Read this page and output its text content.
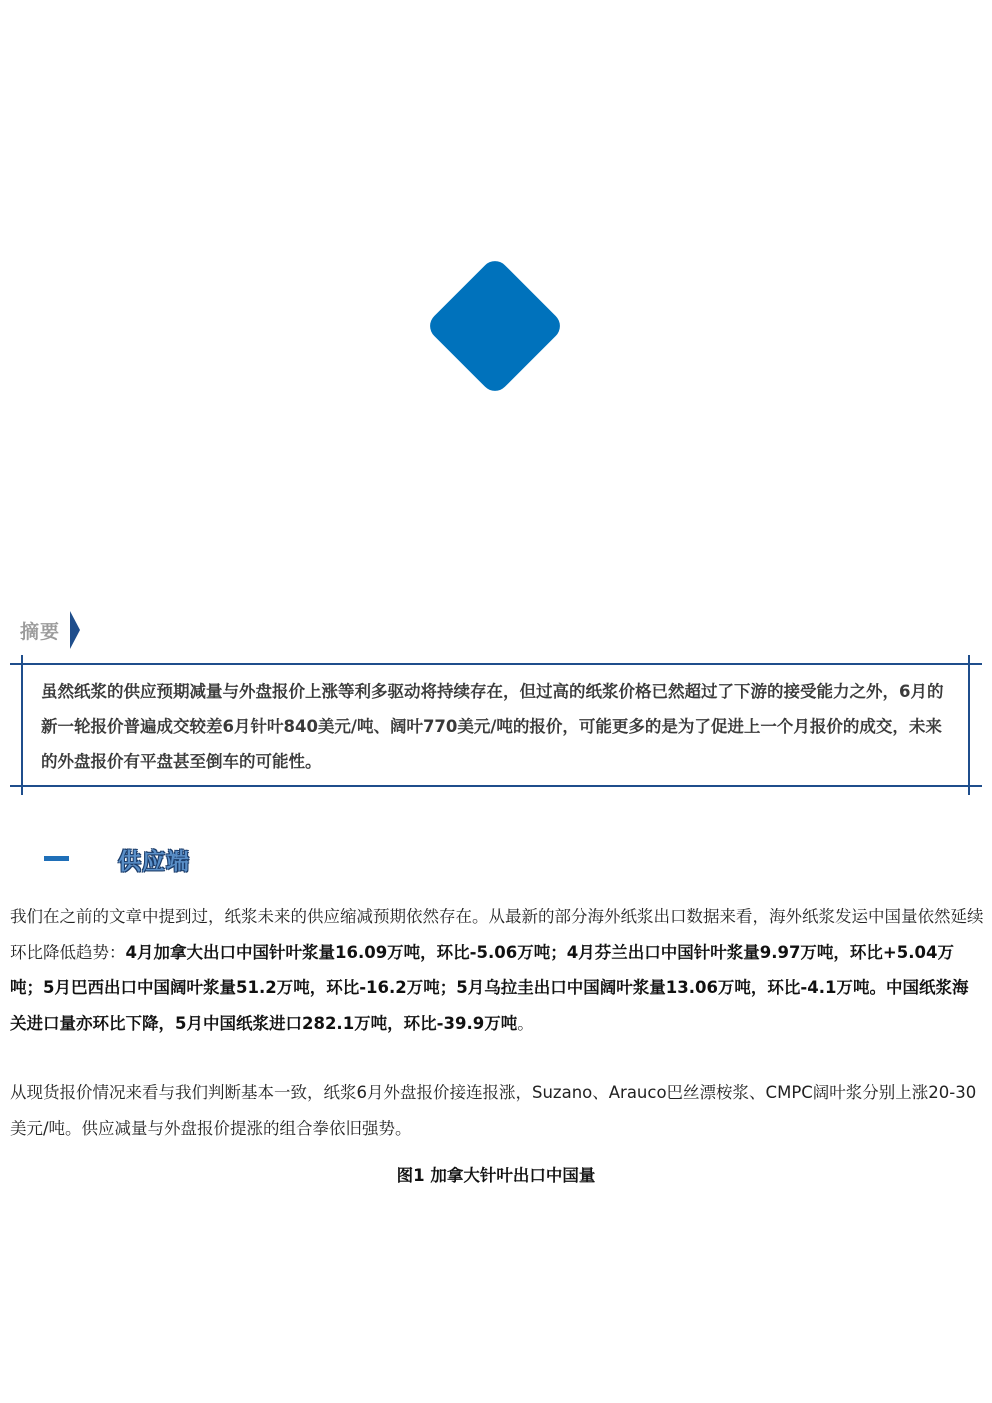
摘要
虽然纸浆的供应预期减量与外盘报价上涨等利多驱动将持续存在，但过高的纸浆价格已然超过了下游的接受能力之外，6月的新一轮报价普遍成交较差6月针叶840美元/吨、阔叶770美元/吨的报价，可能更多的是为了促进上一个月报价的成交，未来的外盘报价有平盘甚至倒车的可能性。
供应端
我们在之前的文章中提到过，纸浆未来的供应缩减预期依然存在。从最新的部分海外纸浆出口数据来看，海外纸浆发运中国量依然延续环比降低趋势：4月加拿大出口中国针叶浆量16.09万吨，环比-5.06万吨；4月芬兰出口中国针叶浆量9.97万吨，环比+5.04万吨；5月巴西出口中国阔叶浆量51.2万吨，环比-16.2万吨；5月乌拉圭出口中国阔叶浆量13.06万吨，环比-4.1万吨。中国纸浆海关进口量亦环比下降，5月中国纸浆进口282.1万吨，环比-39.9万吨。
从现货报价情况来看与我们判断基本一致，纸浆6月外盘报价接连报涨，Suzano、Arauco巴丝漂桉浆、CMPC阔叶浆分别上涨20-30美元/吨。供应减量与外盘报价提涨的组合拳依旧强势。
图1 加拿大针叶出口中国量
